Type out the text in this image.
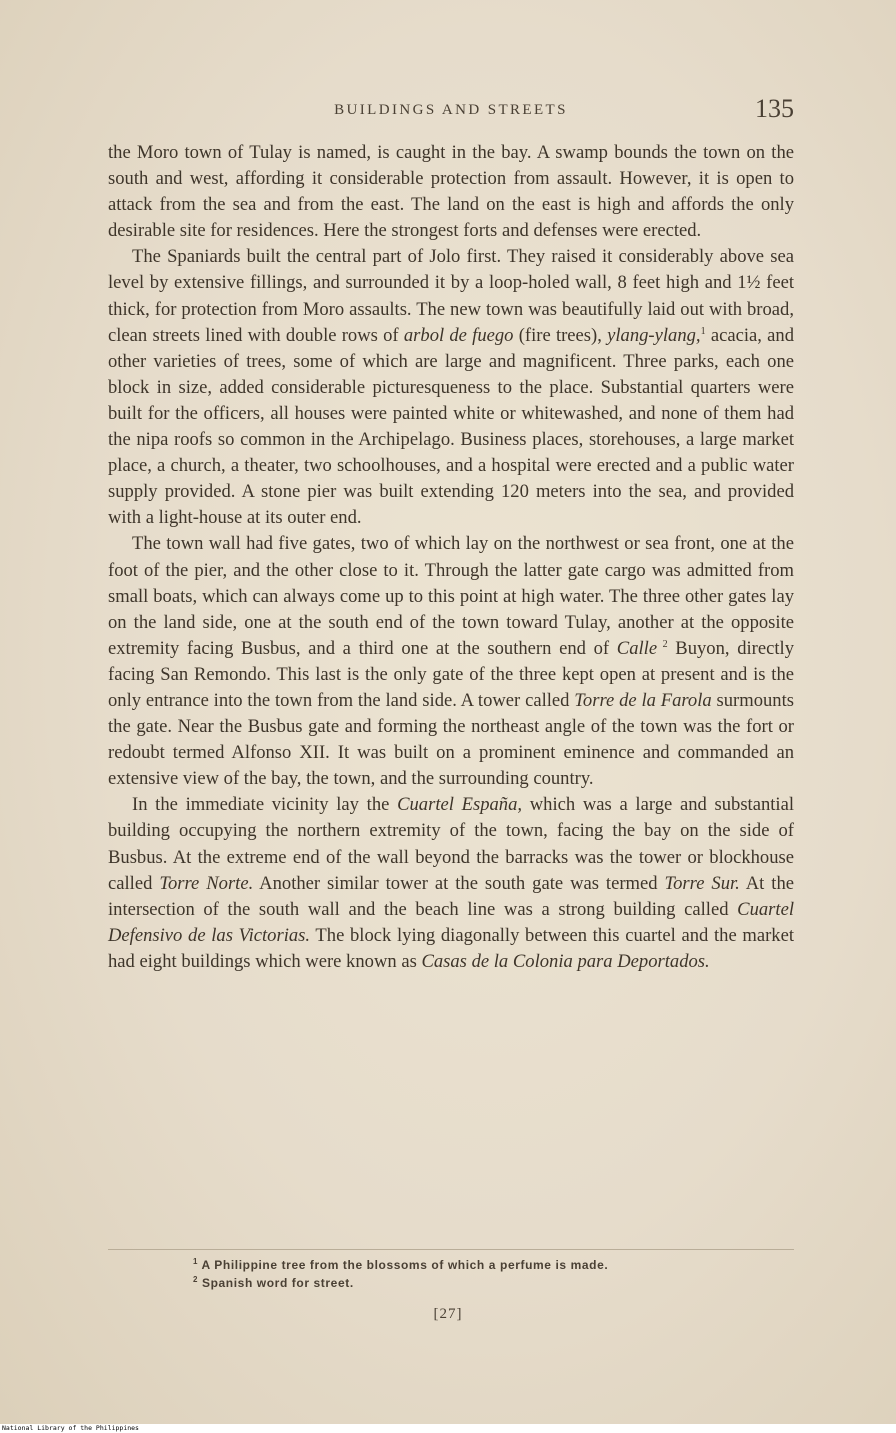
BUILDINGS AND STREETS	135

the Moro town of Tulay is named, is caught in the bay. A swamp bounds the town on the south and west, affording it considerable protection from assault. However, it is open to attack from the sea and from the east. The land on the east is high and affords the only desirable site for residences. Here the strongest forts and defenses were erected.

The Spaniards built the central part of Jolo first. They raised it considerably above sea level by extensive fillings, and surrounded it by a loop-holed wall, 8 feet high and 1½ feet thick, for protection from Moro assaults. The new town was beautifully laid out with broad, clean streets lined with double rows of arbol de fuego (fire trees), ylang-ylang,$^1$ acacia, and other varieties of trees, some of which are large and magnificent. Three parks, each one block in size, added considerable picturesqueness to the place. Substantial quarters were built for the officers, all houses were painted white or whitewashed, and none of them had the nipa roofs so common in the Archipelago. Business places, storehouses, a large market place, a church, a theater, two schoolhouses, and a hospital were erected and a public water supply provided. A stone pier was built extending 120 meters into the sea, and provided with a light-house at its outer end.

The town wall had five gates, two of which lay on the northwest or sea front, one at the foot of the pier, and the other close to it. Through the latter gate cargo was admitted from small boats, which can always come up to this point at high water. The three other gates lay on the land side, one at the south end of the town toward Tulay, another at the opposite extremity facing Busbus, and a third one at the southern end of Calle $^2$ Buyon, directly facing San Remondo. This last is the only gate of the three kept open at present and is the only entrance into the town from the land side. A tower called Torre de la Farola surmounts the gate. Near the Busbus gate and forming the northeast angle of the town was the fort or redoubt termed Alfonso XII. It was built on a prominent eminence and commanded an extensive view of the bay, the town, and the surrounding country.

In the immediate vicinity lay the Cuartel España, which was a large and substantial building occupying the northern extremity of the town, facing the bay on the side of Busbus. At the extreme end of the wall beyond the barracks was the tower or blockhouse called Torre Norte. Another similar tower at the south gate was termed Torre Sur. At the intersection of the south wall and the beach line was a strong building called Cuartel Defensivo de las Victorias. The block lying diagonally between this cuartel and the market had eight buildings which were known as Casas de la Colonia para Deportados.

$^1$ A Philippine tree from the blossoms of which a perfume is made.
$^2$ Spanish word for street.
[27]
National Library of the Philippines
